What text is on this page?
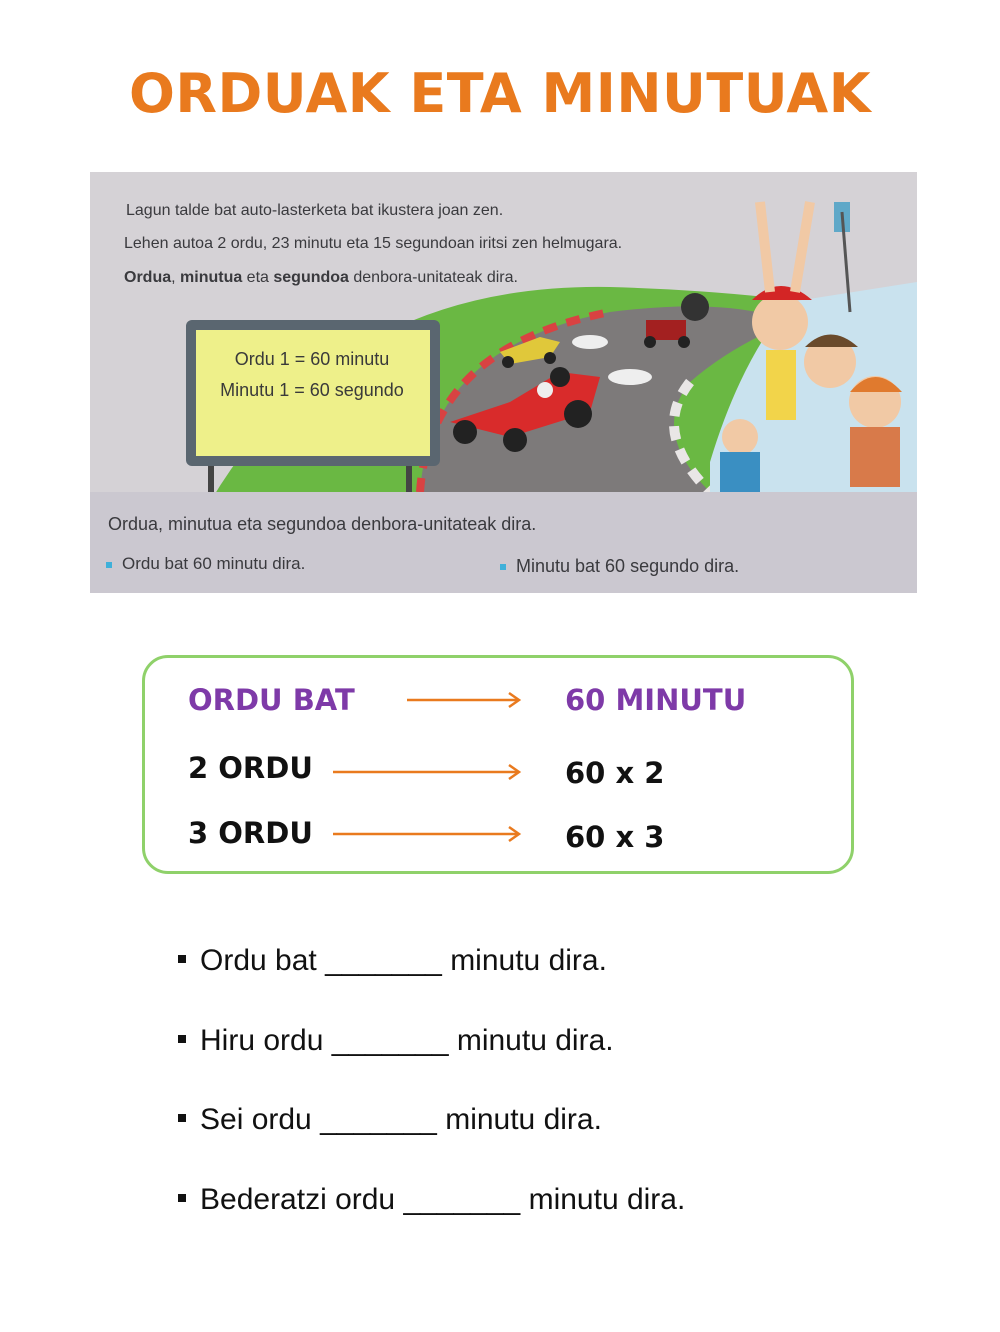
ORDUAK ETA MINUTUAK
Lagun talde bat auto-lasterketa bat ikustera joan zen.
Lehen autoa 2 ordu, 23 minutu eta 15 segundoan iritsi zen helmugara.
Ordua, minutua eta segundoa denbora-unitateak dira.
Ordu 1 = 60 minutu
Minutu 1 = 60 segundo
Ordua, minutua eta segundoa denbora-unitateak dira.
Ordu bat 60 minutu dira.	Minutu bat 60 segundo dira.
ORDU BAT	60 MINUTU
2 ORDU	60 x 2
3 ORDU	60 x 3
Ordu bat _______ minutu dira.
Hiru ordu _______ minutu dira.
Sei ordu _______ minutu dira.
Bederatzi ordu _______ minutu dira.
